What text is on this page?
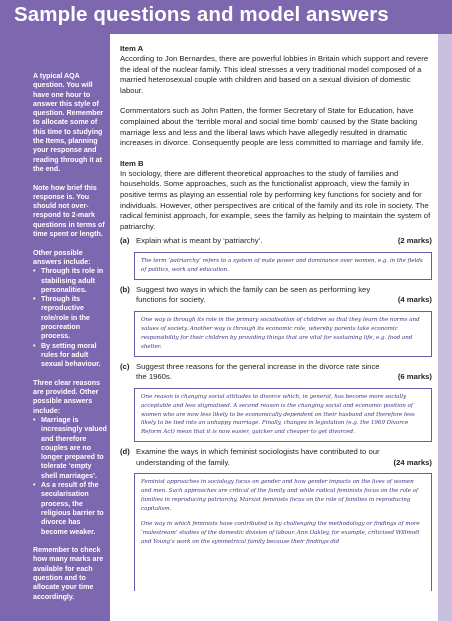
Sample questions and model answers

A typical AQA question. You will have one hour to answer this style of question. Remember to allocate some of this time to studying the Items, planning your response and reading through it at the end.

Note how brief this response is. You should not over-respond to 2-mark questions in terms of time spent or length.

Other possible answers include:

• Through its role in stabilising adult personalities.
• Through its reproductive role/role in the procreation process.
• By setting moral rules for adult sexual behaviour.

Three clear reasons are provided. Other possible answers include:

• Marriage is increasingly valued and therefore couples are no longer prepared to tolerate ‘empty shell marriages’.
• As a result of the secularisation process, the religious barrier to divorce has become weaker.

Remember to check how many marks are available for each question and to allocate your time accordingly.

Item A

According to Jon Bernardes, there are powerful lobbies in Britain which support and revere the ideal of the nuclear family. This ideal stresses a very traditional model composed of a married heterosexual couple with children and based on a sexual division of domestic labour.

Commentators such as John Patten, the former Secretary of State for Education, have complained about the ‘terrible moral and social time bomb’ caused by the State backing marriage less and less and the liberal laws which have allegedly resulted in dramatic increases in divorce. Consequently people are less committed to marriage and family life.

Item B

In sociology, there are different theoretical approaches to the study of families and households. Some approaches, such as the functionalist approach, view the family in positive terms as playing an essential role by performing key functions for society and for individuals. However, other perspectives are critical of the family and its role in society. The radical feminist approach, for example, sees the family as helping to maintain the system of patriarchy.

(a) Explain what is meant by ‘patriarchy’.	(2 marks)

The term ‘patriarchy’ refers to a system of male power and dominance over women, e.g. in the fields of politics, work and education.

(b) Suggest two ways in which the family can be seen as performing key functions for society.	(4 marks)

One way is through its role in the primary socialisation of children so that they learn the norms and values of society. Another way is through its economic role, whereby parents take economic responsibility for their children by providing things that are vital for sustaining life, e.g. food and shelter.

(c) Suggest three reasons for the general increase in the divorce rate since the 1960s.	(6 marks)

One reason is changing social attitudes to divorce which, in general, has become more socially acceptable and less stigmatised. A second reason is the changing social and economic position of women who are now less likely to be economically dependent on their husband and therefore less likely to be tied into an unhappy marriage. Finally, changes in legislation (e.g. the 1969 Divorce Reform Act) mean that it is now easier, quicker and cheaper to get divorced.

(d) Examine the ways in which feminist sociologists have contributed to our understanding of the family.	(24 marks)

Feminist approaches in sociology focus on gender and how gender impacts on the lives of women and men. Such approaches are critical of the family and while radical feminists focus on the role of families in reproducing patriarchy, Marxist feminists focus on the role of families in reproducing capitalism.

One way in which feminists have contributed is by challenging the methodology or findings of more ‘malestream’ studies of the domestic division of labour. Ann Oakley, for example, criticised Willmott and Young’s work on the symmetrical family because their findings did
